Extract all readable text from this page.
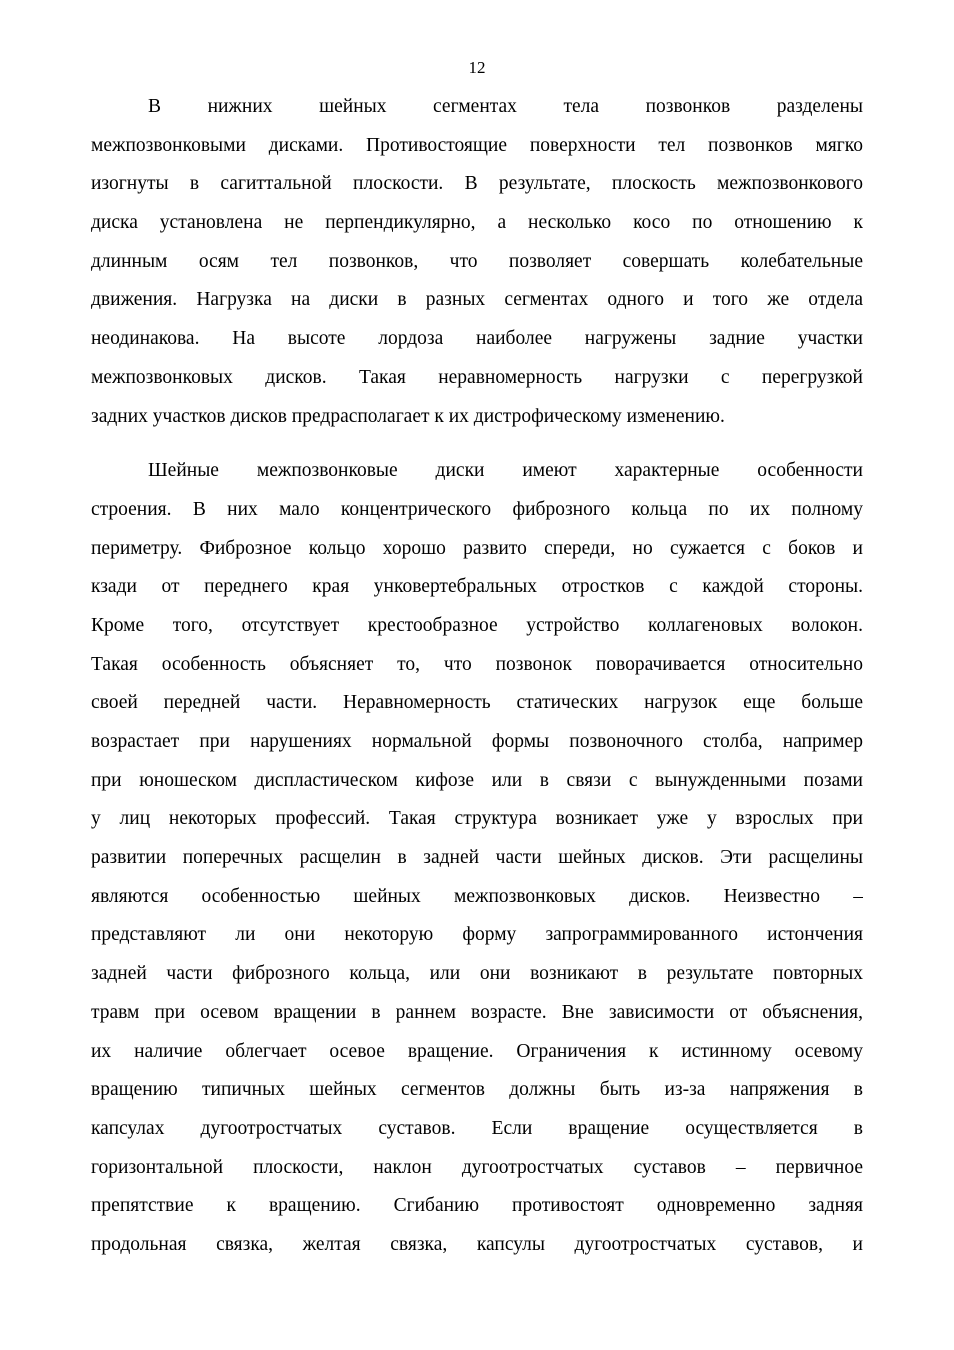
12
В нижних шейных сегментах тела позвонков разделены
межпозвонковыми дисками. Противостоящие поверхности тел позвонков мягко
изогнуты в сагиттальной плоскости. В результате, плоскость межпозвонкового
диска установлена не перпендикулярно, а несколько косо по отношению к
длинным осям тел позвонков, что позволяет совершать колебательные
движения. Нагрузка на диски в разных сегментах одного и того же отдела
неодинакова. На высоте лордоза наиболее нагружены задние участки
межпозвонковых дисков. Такая неравномерность нагрузки с перегрузкой
задних участков дисков предрасполагает к их дистрофическому изменению.
Шейные межпозвонковые диски имеют характерные особенности
строения. В них мало концентрического фиброзного кольца по их полному
периметру. Фиброзное кольцо хорошо развито спереди, но сужается с боков и
кзади от переднего края унковертебральных отростков с каждой стороны.
Кроме того, отсутствует крестообразное устройство коллагеновых волокон.
Такая особенность объясняет то, что позвонок поворачивается относительно
своей передней части. Неравномерность статических нагрузок еще больше
возрастает при нарушениях нормальной формы позвоночного столба, например
при юношеском диспластическом кифозе или в связи с вынужденными позами
у лиц некоторых профессий. Такая структура возникает уже у взрослых при
развитии поперечных расщелин в задней части шейных дисков. Эти расщелины
являются особенностью шейных межпозвонковых дисков. Неизвестно –
представляют ли они некоторую форму запрограммированного истончения
задней части фиброзного кольца, или они возникают в результате повторных
травм при осевом вращении в раннем возрасте. Вне зависимости от объяснения,
их наличие облегчает осевое вращение. Ограничения к истинному осевому
вращению типичных шейных сегментов должны быть из-за напряжения в
капсулах дугоотростчатых суставов. Если вращение осуществляется в
горизонтальной плоскости, наклон дугоотростчатых суставов – первичное
препятствие к вращению. Сгибанию противостоят одновременно задняя
продольная связка, желтая связка, капсулы дугоотростчатых суставов, и
